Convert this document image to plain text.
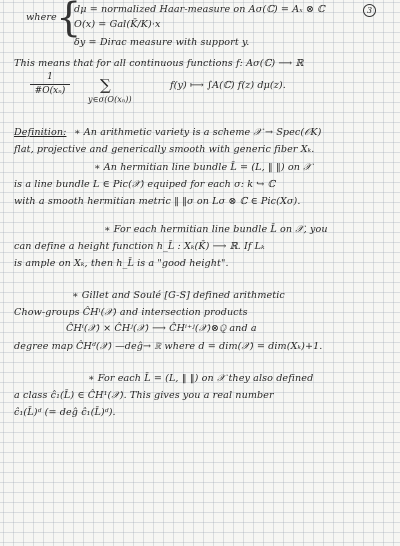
where {
dμ = normalized Haar-measure on Aσ(ℂ) = Aₓ ⊗ ℂ	3
O(x) = Gal(K̄/K)·x
δy = Dirac measure with support y.
This means that for all continuous functions f: Aσ(ℂ) ⟶ ℝ
1
#O(xₙ)	∑
y∈σ(O(xₙ))
f(y) ⟼ ∫A(ℂ) f(z) dμ(z).
Definition: ∗ An arithmetic variety is a scheme 𝒳 → Spec(𝒪K)
flat, projective and generically smooth with generic fiber Xₖ.
∗ An hermitian line bundle L̄ = (L, ‖ ‖) on 𝒳
is a line bundle L ∈ Pic(𝒳) equiped for each σ: k ↪ ℂ
with a smooth hermitian metric ‖ ‖σ on Lσ ⊗ ℂ ∈ Pic(Xσ).
∗ For each hermitian line bundle L̄ on 𝒳, you
can define a height function h_L̄ : Xₖ(K̄) ⟶ ℝ. If Lₖ
is ample on Xₖ, then h_L̄ is a "good height".
∗ Gillet and Soulé [G-S] defined arithmetic
Chow-groups ĈHⁱ(𝒳) and intersection products
ĈHⁱ(𝒳) × ĈHʲ(𝒳) ⟶ ĈHⁱ⁺ʲ(𝒳)⊗ℚ and a
degree map ĈHᵈ(𝒳) —deĝ→ ℝ where d = dim(𝒳) = dim(Xₖ)+1.
∗ For each L̄ = (L, ‖ ‖) on 𝒳 they also defined
a class ĉ₁(L̄) ∈ ĈH¹(𝒳). This gives you a real number
ĉ₁(L̄)ᵈ (= deĝ ĉ₁(L̄)ᵈ).
